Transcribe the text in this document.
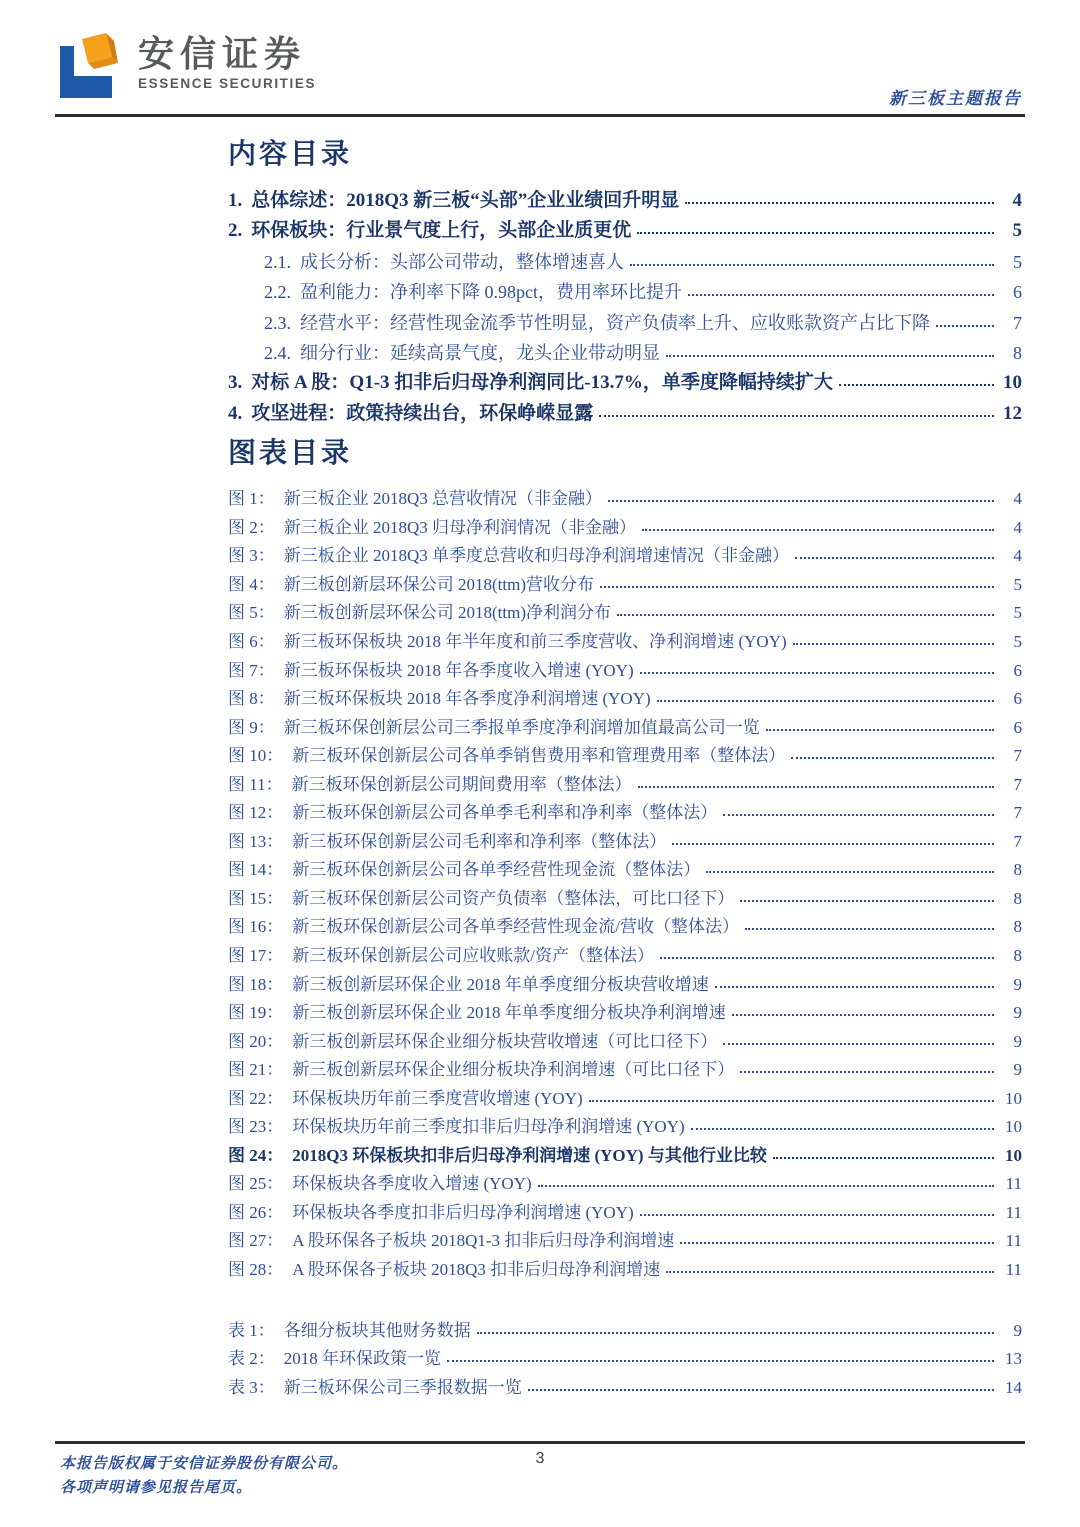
安信证券
ESSENCE SECURITIES
新三板主题报告
内容目录
1. 总体综述：2018Q3 新三板“头部”企业业绩回升明显	4
2. 环保板块：行业景气度上行，头部企业质更优	5
2.1. 成长分析：头部公司带动，整体增速喜人	5
2.2. 盈利能力：净利率下降 0.98pct，费用率环比提升	6
2.3. 经营水平：经营性现金流季节性明显，资产负债率上升、应收账款资产占比下降	7
2.4. 细分行业：延续高景气度，龙头企业带动明显	8
3. 对标 A 股：Q1-3 扣非后归母净利润同比-13.7%，单季度降幅持续扩大	10
4. 攻坚进程：政策持续出台，环保峥嵘显露	12
图表目录
图 1： 新三板企业 2018Q3 总营收情况（非金融）	4
图 2： 新三板企业 2018Q3 归母净利润情况（非金融）	4
图 3： 新三板企业 2018Q3 单季度总营收和归母净利润增速情况（非金融）	4
图 4： 新三板创新层环保公司 2018(ttm)营收分布	5
图 5： 新三板创新层环保公司 2018(ttm)净利润分布	5
图 6： 新三板环保板块 2018 年半年度和前三季度营收、净利润增速 (YOY)	5
图 7： 新三板环保板块 2018 年各季度收入增速 (YOY)	6
图 8： 新三板环保板块 2018 年各季度净利润增速 (YOY)	6
图 9： 新三板环保创新层公司三季报单季度净利润增加值最高公司一览	6
图 10： 新三板环保创新层公司各单季销售费用率和管理费用率（整体法）	7
图 11： 新三板环保创新层公司期间费用率（整体法）	7
图 12： 新三板环保创新层公司各单季毛利率和净利率（整体法）	7
图 13： 新三板环保创新层公司毛利率和净利率（整体法）	7
图 14： 新三板环保创新层公司各单季经营性现金流（整体法）	8
图 15： 新三板环保创新层公司资产负债率（整体法，可比口径下）	8
图 16： 新三板环保创新层公司各单季经营性现金流/营收（整体法）	8
图 17： 新三板环保创新层公司应收账款/资产（整体法）	8
图 18： 新三板创新层环保企业 2018 年单季度细分板块营收增速	9
图 19： 新三板创新层环保企业 2018 年单季度细分板块净利润增速	9
图 20： 新三板创新层环保企业细分板块营收增速（可比口径下）	9
图 21： 新三板创新层环保企业细分板块净利润增速（可比口径下）	9
图 22： 环保板块历年前三季度营收增速 (YOY)	10
图 23： 环保板块历年前三季度扣非后归母净利润增速 (YOY)	10
图 24： 2018Q3 环保板块扣非后归母净利润增速 (YOY) 与其他行业比较	10
图 25： 环保板块各季度收入增速 (YOY)	11
图 26： 环保板块各季度扣非后归母净利润增速 (YOY)	11
图 27： A 股环保各子板块 2018Q1-3 扣非后归母净利润增速	11
图 28： A 股环保各子板块 2018Q3 扣非后归母净利润增速	11
表 1： 各细分板块其他财务数据	9
表 2： 2018 年环保政策一览	13
表 3： 新三板环保公司三季报数据一览	14
本报告版权属于安信证券股份有限公司。
各项声明请参见报告尾页。
3
